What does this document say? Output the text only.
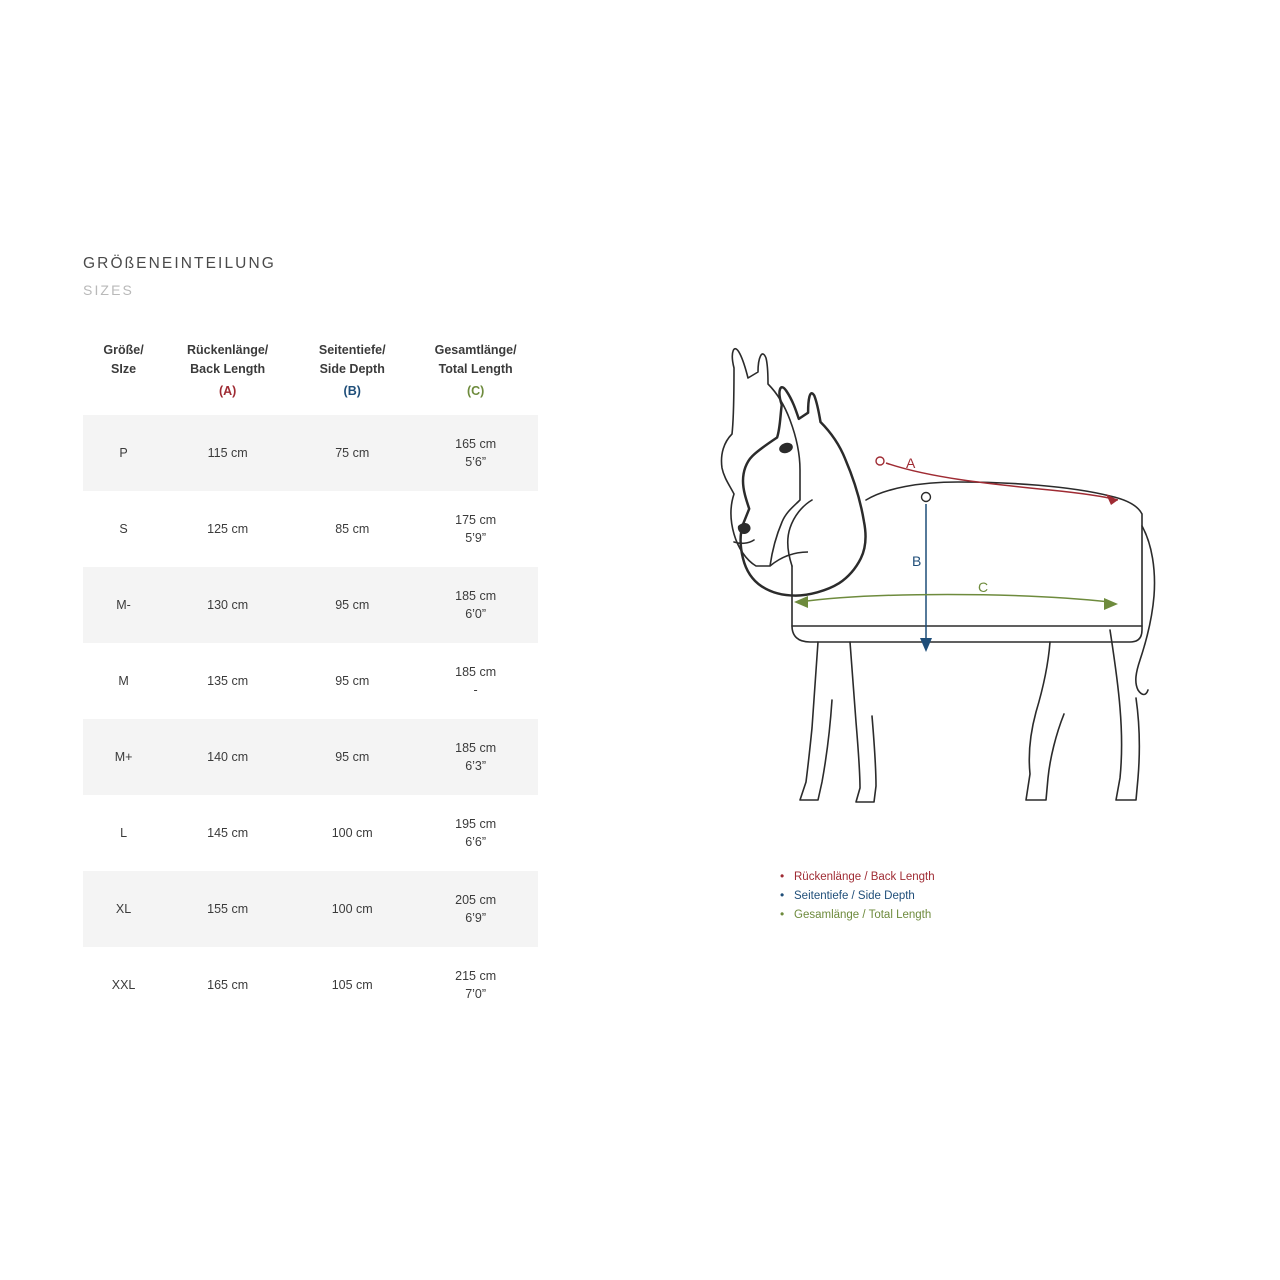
GRÖßENEINTEILUNG
SIZES
Größe/
SIze	Rückenlänge/
Back Length
(A)	Seitentiefe/
Side Depth
(B)	Gesamtlänge/
Total Length
(C)

P	115 cm	75 cm	165 cm
5’6”

S	125 cm	85 cm	175 cm
5’9”

M-	130 cm	95 cm	185 cm
6’0”

M	135 cm	95 cm	185 cm
-

M+	140 cm	95 cm	185 cm
6’3”

L	145 cm	100 cm	195 cm
6’6”

XL	155 cm	100 cm	205 cm
6’9”

XXL	165 cm	105 cm	215 cm
7’0”
A
B
C
• Rückenlänge / Back Length
• Seitentiefe / Side Depth
• Gesamlänge / Total Length
